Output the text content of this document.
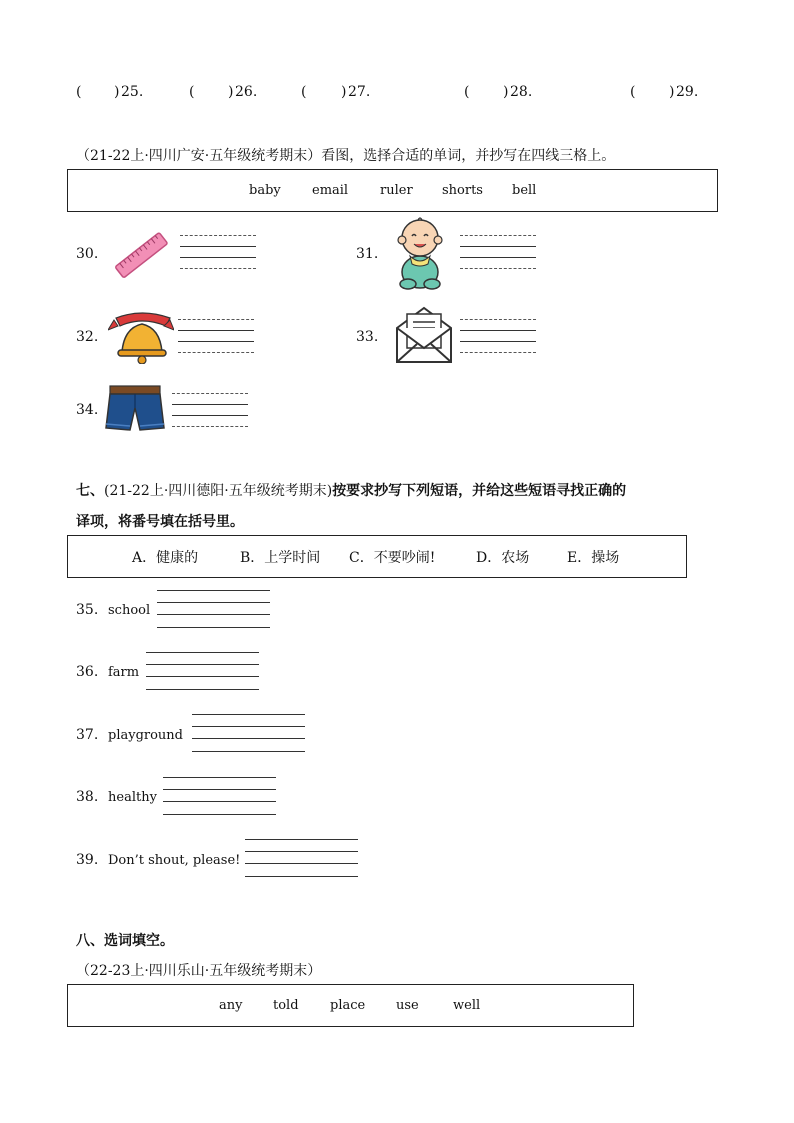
( ) 25.	( ) 26.	( ) 27.	( ) 28.	( ) 29.
（21-22上·四川广安·五年级统考期末）看图，选择合适的单词，并抄写在四线三格上。
baby email ruler shorts bell
30.	31.
32.	33.
34.
七、(21-22上·四川德阳·五年级统考期末)按要求抄写下列短语，并给这些短语寻找正确的
译项，将番号填在括号里。
A．健康的	B．上学时间 C．不要吵闹!	D．农场	E．操场
35. school
36. farm
37. playground
38. healthy
39. Don’t shout, please!
八、选词填空。
（22-23上·四川乐山·五年级统考期末）
any told place use	well
